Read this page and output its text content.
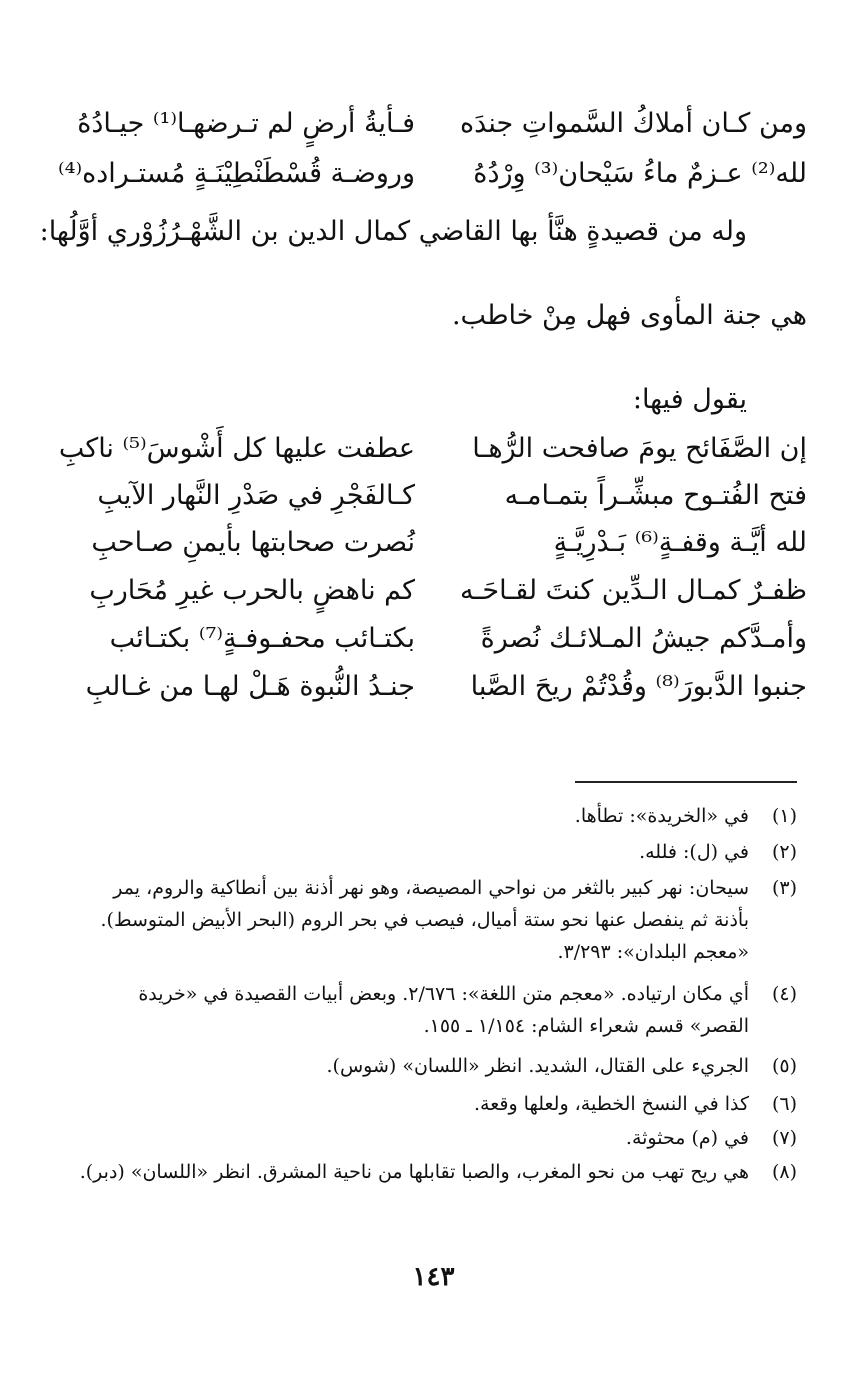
ومن كـان أملاكُ السَّمواتِ جندَه
فـأيةُ أرضٍ لم تـرضهـا⁽¹⁾ جيـادُهُ
لله⁽²⁾ عـزمٌ ماءُ سَيْحان⁽³⁾ وِرْدُهُ
وروضـة قُسْطَنْطِيْنَـةٍ مُستـراده⁽⁴⁾
وله من قصيدةٍ هنَّأ بها القاضي كمال الدين بن الشَّهْـرُزُوْري أوَّلُها:
هي جنة المأوى فهل مِنْ خاطب.
يقول فيها:
إن الصَّفَائح يومَ صافحت الرُّهـا
عطفت عليها كل أَشْوسَ⁽⁵⁾ ناكبِ
فتح الفُتـوح مبشِّـراً بتمـامـه
كـالفَجْرِ في صَدْرِ النَّهار الآيبِ
لله أيَّـة وقفـةٍ⁽⁶⁾ بَـدْرِيَّـةٍ
نُصرت صحابتها بأيمنِ صـاحبِ
ظفـرٌ كمـال الـدِّين كنتَ لقـاحَـه
كم ناهضٍ بالحرب غيرِ مُحَاربِ
وأمـدَّكم جيشُ المـلائـك نُصرةً
بكتـائب محفـوفـةٍ⁽⁷⁾ بكتـائب
جنبوا الدَّبورَ⁽⁸⁾ وقُدْتُمْ ريحَ الصَّبا
جنـدُ النُّبوة هَـلْ لهـا من غـالبِ
(١)
في «الخريدة»: تطأها.
(٢)
في (ل): فلله.
(٣)
سيحان: نهر كبير بالثغر من نواحي المصيصة، وهو نهر أذنة بين أنطاكية والروم، يمر بأذنة ثم ينفصل عنها نحو ستة أميال، فيصب في بحر الروم (البحر الأبيض المتوسط). «معجم البلدان»: ٣/٢٩٣.
(٤)
أي مكان ارتياده. «معجم متن اللغة»: ٢/٦٧٦. وبعض أبيات القصيدة في «خريدة القصر» قسم شعراء الشام: ١/١٥٤ ـ ١٥٥.
(٥)
الجريء على القتال، الشديد. انظر «اللسان» (شوس).
(٦)
كذا في النسخ الخطية، ولعلها وقعة.
(٧)
في (م) محثوثة.
(٨)
هي ريح تهب من نحو المغرب، والصبا تقابلها من ناحية المشرق. انظر «اللسان» (دبر).
١٤٣
